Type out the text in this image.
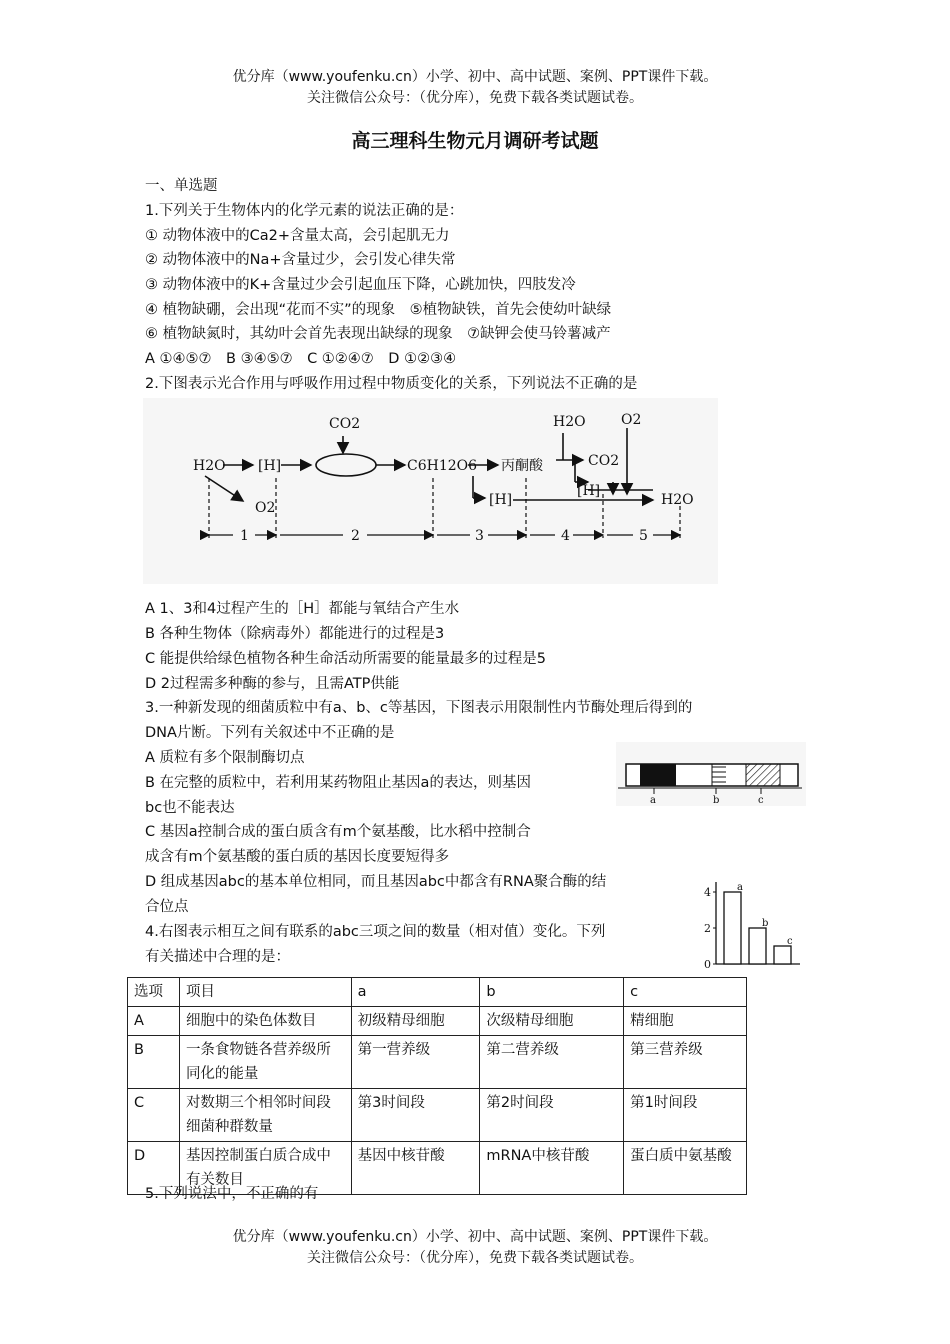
优分库（www.youfenku.cn）小学、初中、高中试题、案例、PPT课件下载。
关注微信公众号：（优分库），免费下载各类试题试卷。
高三理科生物元月调研考试题
一、单选题
1.下列关于生物体内的化学元素的说法正确的是：
① 动物体液中的Ca2+含量太高，会引起肌无力
② 动物体液中的Na+含量过少，会引发心律失常
③ 动物体液中的K+含量过少会引起血压下降，心跳加快，四肢发冷
④ 植物缺硼，会出现“花而不实”的现象　⑤植物缺铁，首先会使幼叶缺绿
⑥ 植物缺氮时，其幼叶会首先表现出缺绿的现象　⑦缺钾会使马铃薯减产
A ①④⑤⑦　B ③④⑤⑦　C ①②④⑦　D ①②③④
2.下图表示光合作用与呼吸作用过程中物质变化的关系，下列说法不正确的是
H2O [H]
CO2
C6H12O6 丙酮酸
H2O	O2
CO2
[H]
[H]	H2O
O2
1	2	3	4	5
A 1、3和4过程产生的［H］都能与氧结合产生水
B 各种生物体（除病毒外）都能进行的过程是3
C 能提供给绿色植物各种生命活动所需要的能量最多的过程是5
D 2过程需多种酶的参与，且需ATP供能
3.一种新发现的细菌质粒中有a、b、c等基因，下图表示用限制性内节酶处理后得到的
DNA片断。下列有关叙述中不正确的是
A 质粒有多个限制酶切点
B 在完整的质粒中，若利用某药物阻止基因a的表达，则基因
bc也不能表达
C 基因a控制合成的蛋白质含有m个氨基酸，比水稻中控制合
成含有m个氨基酸的蛋白质的基因长度要短得多
D 组成基因abc的基本单位相同，而且基因abc中都含有RNA聚合酶的结
合位点
a	b	c
4.右图表示相互之间有联系的abc三项之间的数量（相对值）变化。下列
有关描述中合理的是：	0
2
4	a
b
c
选项	项目	a	b	c
A	细胞中的染色体数目	初级精母细胞	次级精母细胞	精细胞
B	一条食物链各营养级所同化的能量	第一营养级	第二营养级	第三营养级
C	对数期三个相邻时间段细菌种群数量	第3时间段	第2时间段	第1时间段
D	基因控制蛋白质合成中有关数目	基因中核苷酸	mRNA中核苷酸	蛋白质中氨基酸
5.下列说法中，不正确的有
优分库（www.youfenku.cn）小学、初中、高中试题、案例、PPT课件下载。
关注微信公众号：（优分库），免费下载各类试题试卷。
